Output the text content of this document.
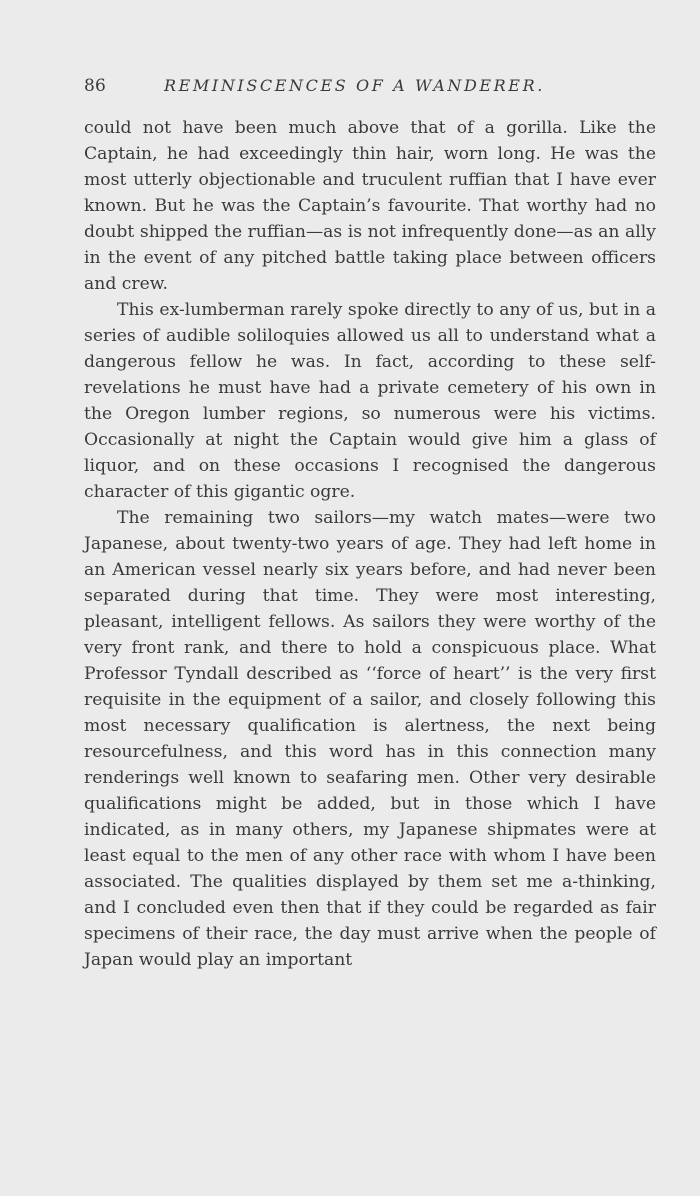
86	REMINISCENCES OF A WANDERER.

could not have been much above that of a gorilla. Like the Captain, he had exceedingly thin hair, worn long. He was the most utterly objectionable and truculent ruffian that I have ever known. But he was the Captain’s favourite. That worthy had no doubt shipped the ruffian—as is not infrequently done—as an ally in the event of any pitched battle taking place between officers and crew.

This ex-lumberman rarely spoke directly to any of us, but in a series of audible soliloquies allowed us all to understand what a dangerous fellow he was. In fact, according to these self-revelations he must have had a private cemetery of his own in the Oregon lumber regions, so numerous were his victims. Occasionally at night the Captain would give him a glass of liquor, and on these occasions I recognised the dangerous character of this gigantic ogre.

The remaining two sailors—my watch mates—were two Japanese, about twenty-two years of age. They had left home in an American vessel nearly six years before, and had never been separated during that time. They were most interesting, pleasant, intelligent fellows. As sailors they were worthy of the very front rank, and there to hold a conspicuous place. What Professor Tyndall described as ‘‘force of heart’’ is the very first requisite in the equipment of a sailor, and closely following this most necessary qualification is alertness, the next being resourcefulness, and this word has in this connection many renderings well known to seafaring men. Other very desirable qualifications might be added, but in those which I have indicated, as in many others, my Japanese shipmates were at least equal to the men of any other race with whom I have been associated. The qualities displayed by them set me a-thinking, and I concluded even then that if they could be regarded as fair specimens of their race, the day must arrive when the people of Japan would play an important
